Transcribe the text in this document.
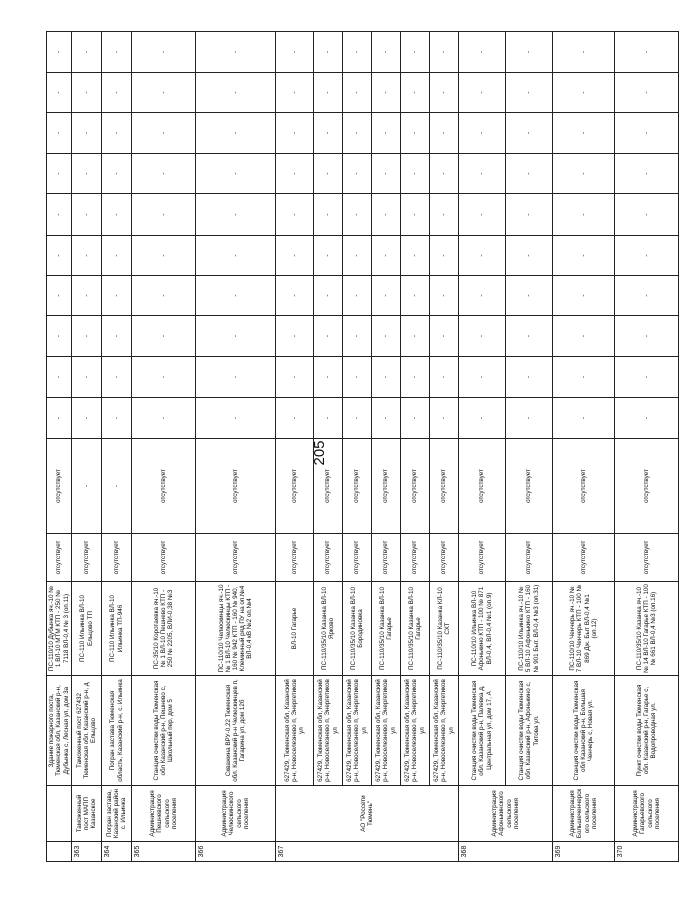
205
		Здание пожарного поста, Тюменская обл, Казанский р-н, Дубынка с, Лесная ул, дом 3а	ПС-110/10 Дубынка яч.-10 № 1 ВЛ-10 МТМ КТП - 250 № 7118 ВЛ-0,4 № 3 (оп.11)	отсутствует	отсутствует	-	-	-	-	-	-	-	-	-	-
363	Таможенный пост МАПП Казанское	Таможенный пост 627432 Тюменская обл. Казанский р-н, д Ельцово	ПС-110 Ильинка ВЛ-10 Ельцово ТП	отсутствует	-	-	-	-	-	-	-	-	-	-	-
364	Погран застава, Казанский район с. Ильинка	Погран застава Тюменская область, Казанский р-н, с. Ильинка	ПС-110 Ильинка ВЛ-10 Ильинка ТП-946	отсутствует	-	-	-	-	-	-	-	-	-	-	-
365	Администрация Пешневского сельского поселения	Станция очистки воды Тюменская обл Казанский р-н, Пешнево с, Школьный пер, дом 5	ПС-35/10 Коротаевка яч.-10 № 1 ВЛ-10 Пешнево КТП - 250 № 2205, ВЛИ-0,38 №3	отсутствует	отсутствует	-	-	-	-	-	-	-	-	-	-
366	Администрация Челюскинского сельского поселения	Скважина ВРУ-0,22 Тюменская обл. Казанский р-н Челюскинцев п, Гагарина ул, дом 12б	ПС-110/10 Челюскинцы яч.-10 № 1 ВЛ-10 Челюскинцы КТП - 160 № 942 КТП - 160 № 940, Клеминный ряд ПУ на оп.№4 ВЛ-0,4 кВ №2 оп.№4	отсутствует	отсутствует	-	-	-	-	-	-	-	-	-	-
367	АО "Россети Тюмень"	627429, Тюменская обл, Казанский р-н, Новоселезнево п, Энергетиков ул	ВЛ-10 Гагарье	отсутствует	отсутствует	-	-	-	-	-	-	-	-	-	-
		627429, Тюменская обл, Казанский р-н, Новоселезнево п, Энергетиков ул	ПС-110/35/10 Казанка ВЛ-10 Ярково	отсутствует	отсутствует	-	-	-	-	-	-	-	-	-	-
		627429, Тюменская обл, Казанский р-н, Новоселезнево п, Энергетиков ул	ПС-110/35/10 Казанка ВЛ-10 Бородиновка	отсутствует	отсутствует	-	-	-	-	-	-	-	-	-	-
		627429, Тюменская обл, Казанский р-н, Новоселезнево п, Энергетиков ул	ПС-110/35/10 Казанка ВЛ-10 Гагарье	отсутствует	отсутствует	-	-	-	-	-	-	-	-	-	-
		627429, Тюменская обл, Казанский р-н, Новоселезнево п, Энергетиков ул	ПС-110/35/10 Казанка ВЛ-10 Гагарье	отсутствует	отсутствует	-	-	-	-	-	-	-	-	-	-
		627429, Тюменская обл, Казанский р-н, Новоселезнево п, Энергетиков ул	ПС-110/35/10 Казанка КЛ-10 СХТ	отсутствует	отсутствует	-	-	-	-	-	-	-	-	-	-
368	Администрация Афонькинского сельского поселения	Станция очистки воды Тюменская обл. Казанский р-н, Палевка д, Центральная ул, дом 17, А	ПС-110/10 Ильинка ВЛ-10 Афонькино КТП - 100 № 871 ВЛ-0,4, ВЛ-0,4 №1 (оп.9)	отсутствует	отсутствует	-	-	-	-	-	-	-	-	-	-
		Станция очистки воды Тюменская обл. Казанский р-н, Афонькино с, Титова ул.	ПС-110/10 Ильинка яч.-10 № 5 ВЛ-10 Афонькино КТП - 160 № 901 Быт. ВЛ-0,4 №3 (оп.31)	отсутствует	отсутствует	-	-	-	-	-	-	-	-	-	-
369	Администрация Большеченчерского сельского поселения	Станция очистки воды Тюменская обл Казанский р-н, Большая Ченчерь с, Новая ул.	ПС-110/10 Ченчерь яч.-10 № 7 ВЛ-10 Ченчерь КТП - 100 № 869 Дж. Быт ВЛ-0,4 №1 (оп.12)	отсутствует	отсутствует	-	-	-	-	-	-	-	-	-	-
370	Администрация Гагарьевского сельского поселения	Пункт очистки воды Тюменская обл. Казанский р-н, Гагарье с, Водопроводная ул.	ПС-110/35/10 Казанка яч.-10 № 14 ВЛ-10 Гагарье КТП - 100 № 661 ВЛ-0,4 №3 (оп.16)	отсутствует	отсутствует	-	-	-	-	-	-	-	-	-	-
